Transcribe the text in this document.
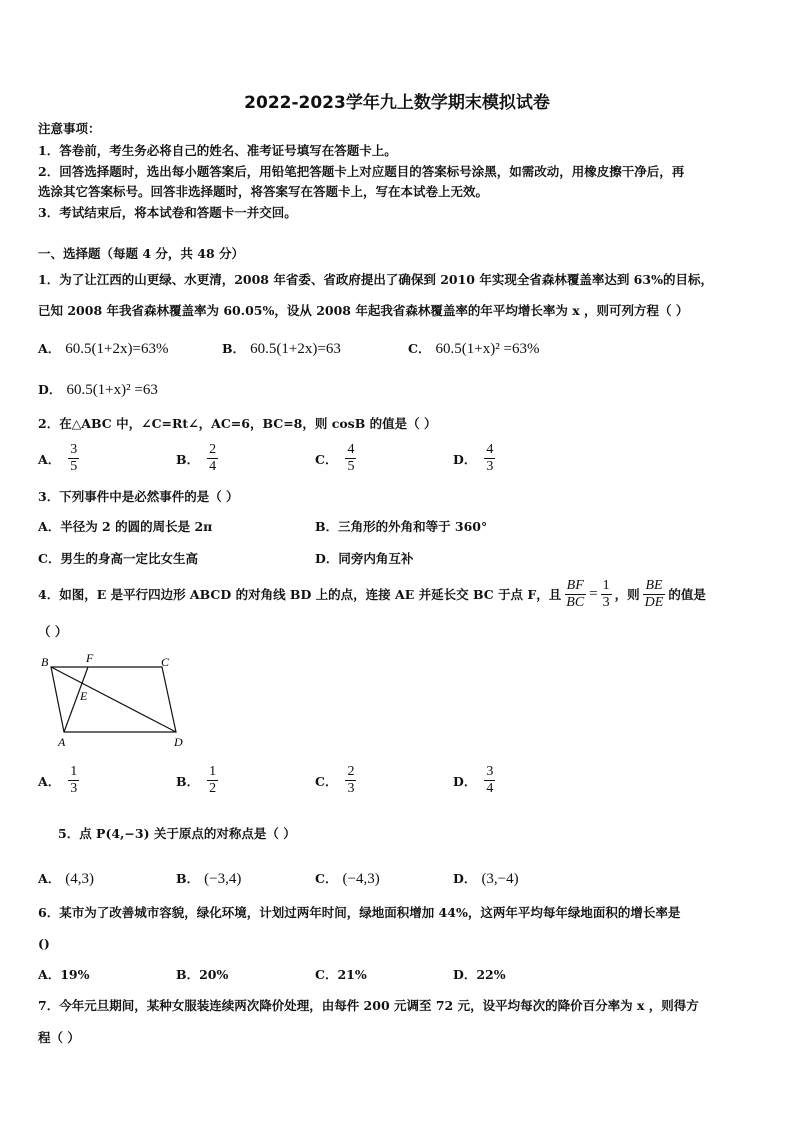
2022-2023学年九上数学期末模拟试卷
注意事项：
1．答卷前，考生务必将自己的姓名、准考证号填写在答题卡上。
2．回答选择题时，选出每小题答案后，用铅笔把答题卡上对应题目的答案标号涂黑，如需改动，用橡皮擦干净后，再
选涂其它答案标号。回答非选择题时，将答案写在答题卡上，写在本试卷上无效。
3．考试结束后，将本试卷和答题卡一并交回。
一、选择题（每题 4 分，共 48 分）
1．为了让江西的山更绿、水更清，2008 年省委、省政府提出了确保到 2010 年实现全省森林覆盖率达到 63%的目标，
已知 2008 年我省森林覆盖率为 60.05%，设从 2008 年起我省森林覆盖率的年平均增长率为 x ，则可列方程（ ）
A． 60.5(1+2x)=63%	B． 60.5(1+2x)=63	C． 60.5(1+x)² =63%
D． 60.5(1+x)² =63
2．在△ABC 中，∠C=Rt∠，AC=6，BC=8，则 cosB 的值是（ ）
A． $\frac{3}{5}$	B． $\frac{2}{4}$	C． $\frac{4}{5}$	D． $\frac{4}{3}$
3．下列事件中是必然事件的是（ ）
A．半径为 2 的圆的周长是 2π	B．三角形的外角和等于 360°
C．男生的身高一定比女生高	D．同旁内角互补
4．如图，E 是平行四边形 ABCD 的对角线 BD 上的点，连接 AE 并延长交 BC 于点 F，且 $\frac{BF}{BC} = \frac{1}{3}$ ，则 $\frac{BE}{DE}$ 的值是
（ ）
B	F	C
E
A	D
A． $\frac{1}{3}$	B． $\frac{1}{2}$	C． $\frac{2}{3}$	D． $\frac{3}{4}$
5．点 P(4,−3) 关于原点的对称点是（ ）
A． (4,3)	B． (−3,4)	C． (−4,3)	D． (3,−4)
6．某市为了改善城市容貌，绿化环境，计划过两年时间，绿地面积增加 44%，这两年平均每年绿地面积的增长率是
()
A．19%	B．20%	C．21%	D．22%
7．今年元旦期间，某种女服装连续两次降价处理，由每件 200 元调至 72 元，设平均每次的降价百分率为 x ，则得方
程（ ）
